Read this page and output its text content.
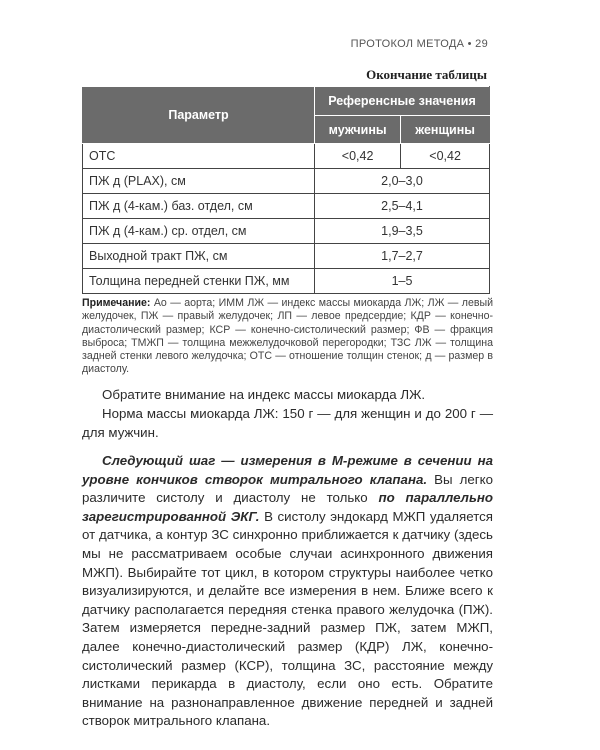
ПРОТОКОЛ МЕТОДА • 29
Окончание таблицы
Параметр	Референсные значения	
	мужчины	женщины
ОТС	<0,42	<0,42
ПЖ д (PLAX), см	2,0–3,0	
ПЖ д (4-кам.) баз. отдел, см	2,5–4,1	
ПЖ д (4-кам.) ср. отдел, см	1,9–3,5	
Выходной тракт ПЖ, см	1,7–2,7	
Толщина передней стенки ПЖ, мм	1–5	
Примечание: Ао — аорта; ИММ ЛЖ — индекс массы миокарда ЛЖ; ЛЖ — левый желудочек, ПЖ — правый желудочек; ЛП — левое предсердие; КДР — конечно-диастолический размер; КСР — конечно-систолический размер; ФВ — фракция выброса; ТМЖП — толщина межжелудочковой перегородки; ТЗС ЛЖ — толщина задней стенки левого желудочка; ОТС — отношение толщин стенок; д — размер в диастолу.
Обратите внимание на индекс массы миокарда ЛЖ.
Норма массы миокарда ЛЖ: 150 г — для женщин и до 200 г — для мужчин.
Следующий шаг — измерения в М-режиме в сечении на уровне кончиков створок митрального клапана. Вы легко различите систолу и диастолу не только по параллельно зарегистрированной ЭКГ. В систолу эндокард МЖП удаляется от датчика, а контур ЗС синхронно приближается к датчику (здесь мы не рассматриваем особые случаи асинхронного движения МЖП). Выбирайте тот цикл, в котором структуры наиболее четко визуализируются, и делайте все измерения в нем. Ближе всего к датчику располагается передняя стенка правого желудочка (ПЖ). Затем измеряется передне-задний размер ПЖ, затем МЖП, далее конечно-диастолический размер (КДР) ЛЖ, конечно-систолический размер (КСР), толщина ЗС, расстояние между листками перикарда в диастолу, если оно есть. Обратите внимание на разнонаправленное движение передней и задней створок митрального клапана.
